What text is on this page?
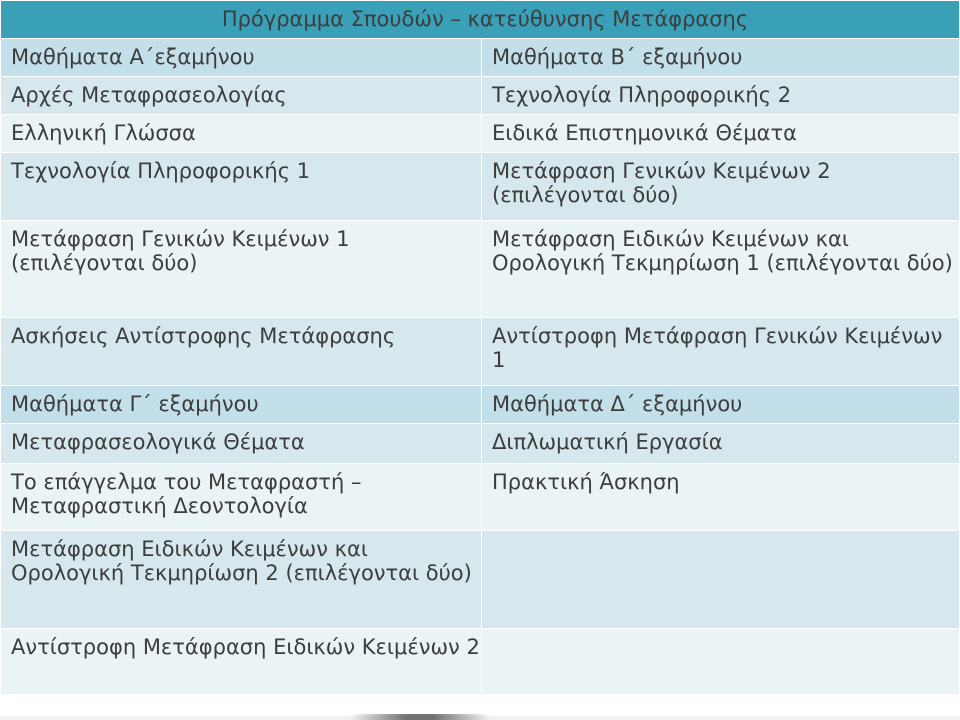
Πρόγραμμα Σπουδών – κατεύθυνσης Μετάφρασης	
Μαθήματα Α΄εξαμήνου	Μαθήματα Β΄ εξαμήνου
Αρχές Μεταφρασεολογίας	Τεχνολογία Πληροφορικής 2
Ελληνική Γλώσσα	Ειδικά Επιστημονικά Θέματα
Τεχνολογία Πληροφορικής 1	Μετάφραση Γενικών Κειμένων 2 (επιλέγονται δύο)
Μετάφραση Γενικών Κειμένων 1 (επιλέγονται δύο)	Μετάφραση Ειδικών Κειμένων και Ορολογική Τεκμηρίωση 1 (επιλέγονται δύο)
Ασκήσεις Αντίστροφης Μετάφρασης	Αντίστροφη Μετάφραση Γενικών Κειμένων 1
Μαθήματα Γ΄ εξαμήνου	Μαθήματα Δ΄ εξαμήνου
Μεταφρασεολογικά Θέματα	Διπλωματική Εργασία
Το επάγγελμα του Μεταφραστή – Μεταφραστική Δεοντολογία	Πρακτική Άσκηση
Μετάφραση Ειδικών Κειμένων και Ορολογική Τεκμηρίωση 2 (επιλέγονται δύο)	
Αντίστροφη Μετάφραση Ειδικών Κειμένων 2	
